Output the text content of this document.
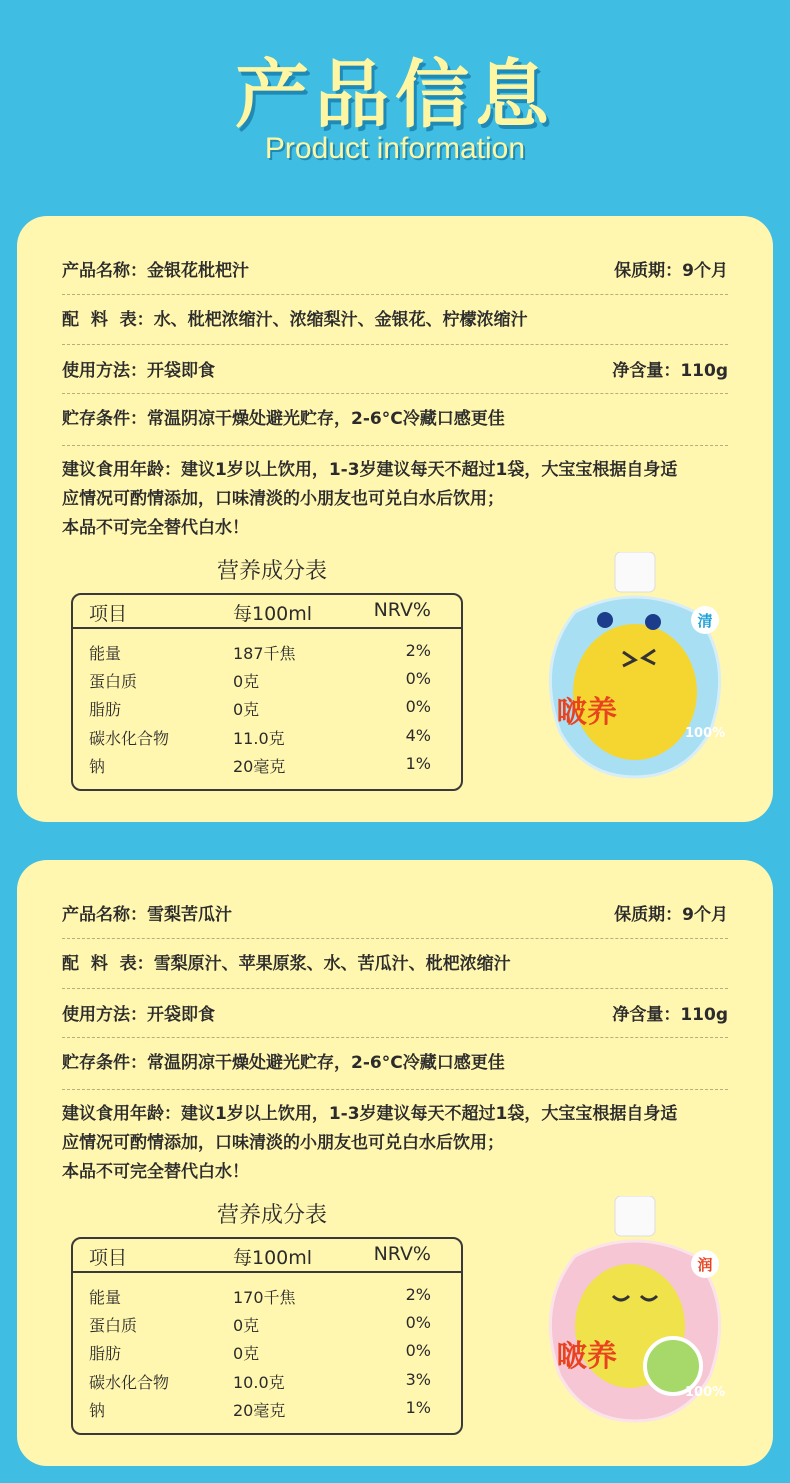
产品信息
Product information
产品名称：金银花枇杷汁	保质期：9个月
配  料  表：水、枇杷浓缩汁、浓缩梨汁、金银花、柠檬浓缩汁
使用方法：开袋即食	净含量：110g
贮存条件：常温阴凉干燥处避光贮存，2-6°C冷藏口感更佳
建议食用年龄：建议1岁以上饮用，1-3岁建议每天不超过1袋，大宝宝根据自身适
应情况可酌情添加，口味清淡的小朋友也可兑白水后饮用；
本品不可完全替代白水！
营养成分表
项目	每100ml	NRV%
能量	187千焦	2%
蛋白质	0克	0%
脂肪	0克	0%
碳水化合物	11.0克	4%
钠	20毫克	1%
清
啵养
100%
产品名称：雪梨苦瓜汁	保质期：9个月
配  料  表：雪梨原汁、苹果原浆、水、苦瓜汁、枇杷浓缩汁
使用方法：开袋即食	净含量：110g
贮存条件：常温阴凉干燥处避光贮存，2-6°C冷藏口感更佳
建议食用年龄：建议1岁以上饮用，1-3岁建议每天不超过1袋，大宝宝根据自身适
应情况可酌情添加，口味清淡的小朋友也可兑白水后饮用；
本品不可完全替代白水！
营养成分表
项目	每100ml	NRV%
能量	170千焦	2%
蛋白质	0克	0%
脂肪	0克	0%
碳水化合物	10.0克	3%
钠	20毫克	1%
润
啵养
100%
